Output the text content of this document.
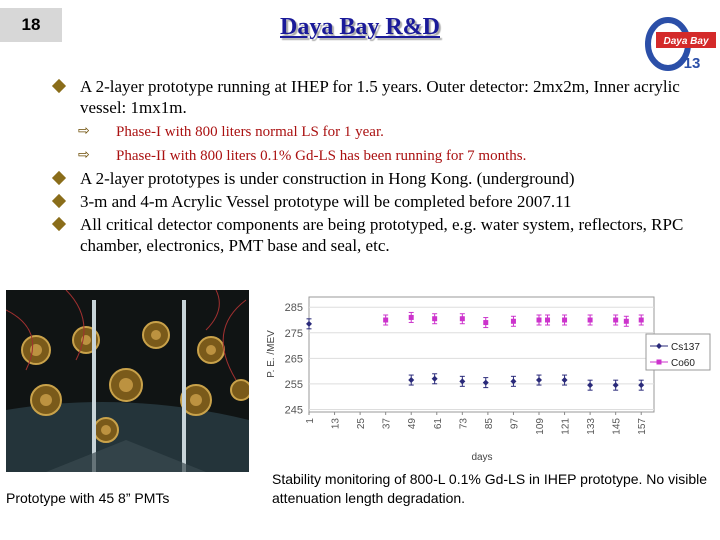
18	Daya Bay R&D
Daya Bay
13
A 2-layer prototype running at IHEP for 1.5 years. Outer detector: 2mx2m, Inner acrylic vessel: 1mx1m.
⇨ Phase-I with 800 liters normal LS for 1 year.
⇨ Phase-II with 800 liters 0.1% Gd-LS has been running for 7 months.
A 2-layer prototypes is under construction in Hong Kong. (underground)
3-m and 4-m Acrylic Vessel prototype will be completed before 2007.11
All critical detector components are being prototyped, e.g. water system, reflectors, RPC chamber, electronics, PMT base and seal, etc.
245
255
265
275
285
1 13 25 37 49 61 73 85 97 109 121 133 145 157
P. E. /MEV
days
Cs137
Co60
Prototype with 45 8” PMTs
Stability monitoring of 800-L 0.1% Gd-LS in IHEP prototype. No visible attenuation length degradation.
